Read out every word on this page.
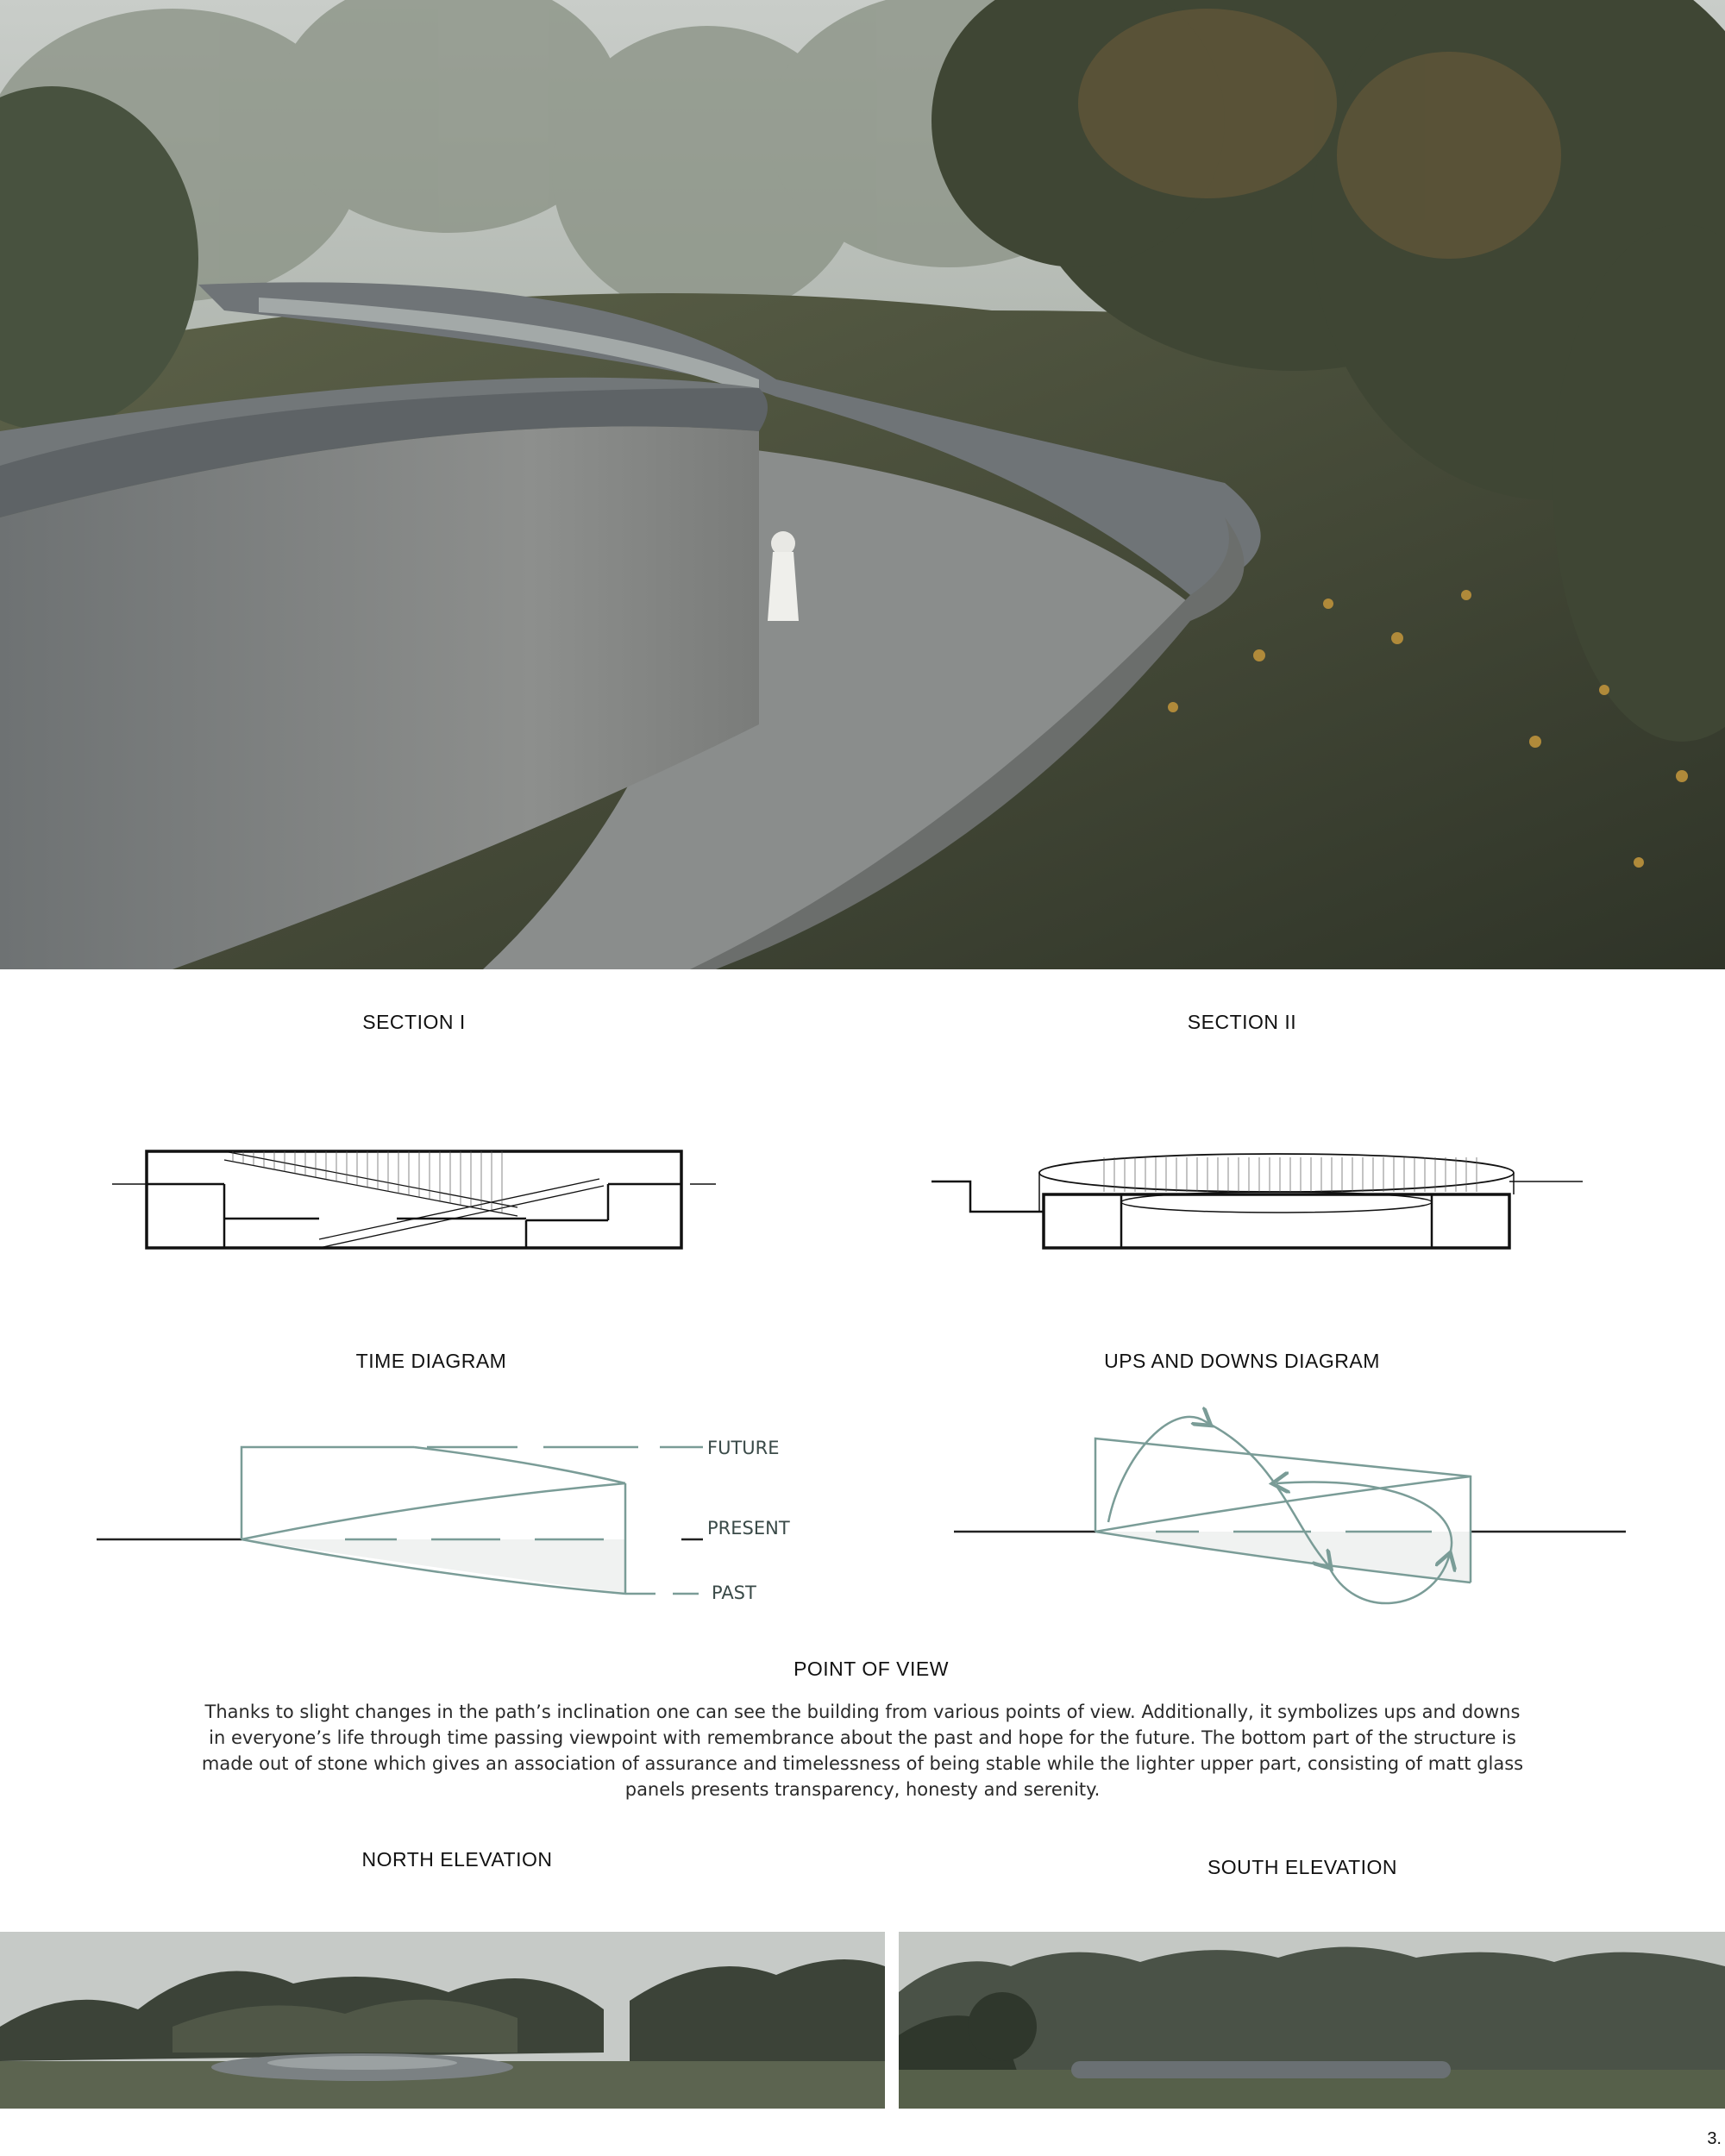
SECTION I	SECTION II
TIME DIAGRAM	UPS AND DOWNS DIAGRAM
FUTURE
PRESENT
PAST
POINT OF VIEW
Thanks to slight changes in the path’s inclination one can see the building from various points of view. Additionally, it symbolizes ups and downs in everyone’s life through time passing viewpoint with remembrance about the past and hope for the future. The bottom part of the structure is made out of stone which gives an association of assurance and timelessness of being stable while the lighter upper part, consisting of matt glass panels presents transparency, honesty and serenity.
NORTH ELEVATION	SOUTH ELEVATION
3.
